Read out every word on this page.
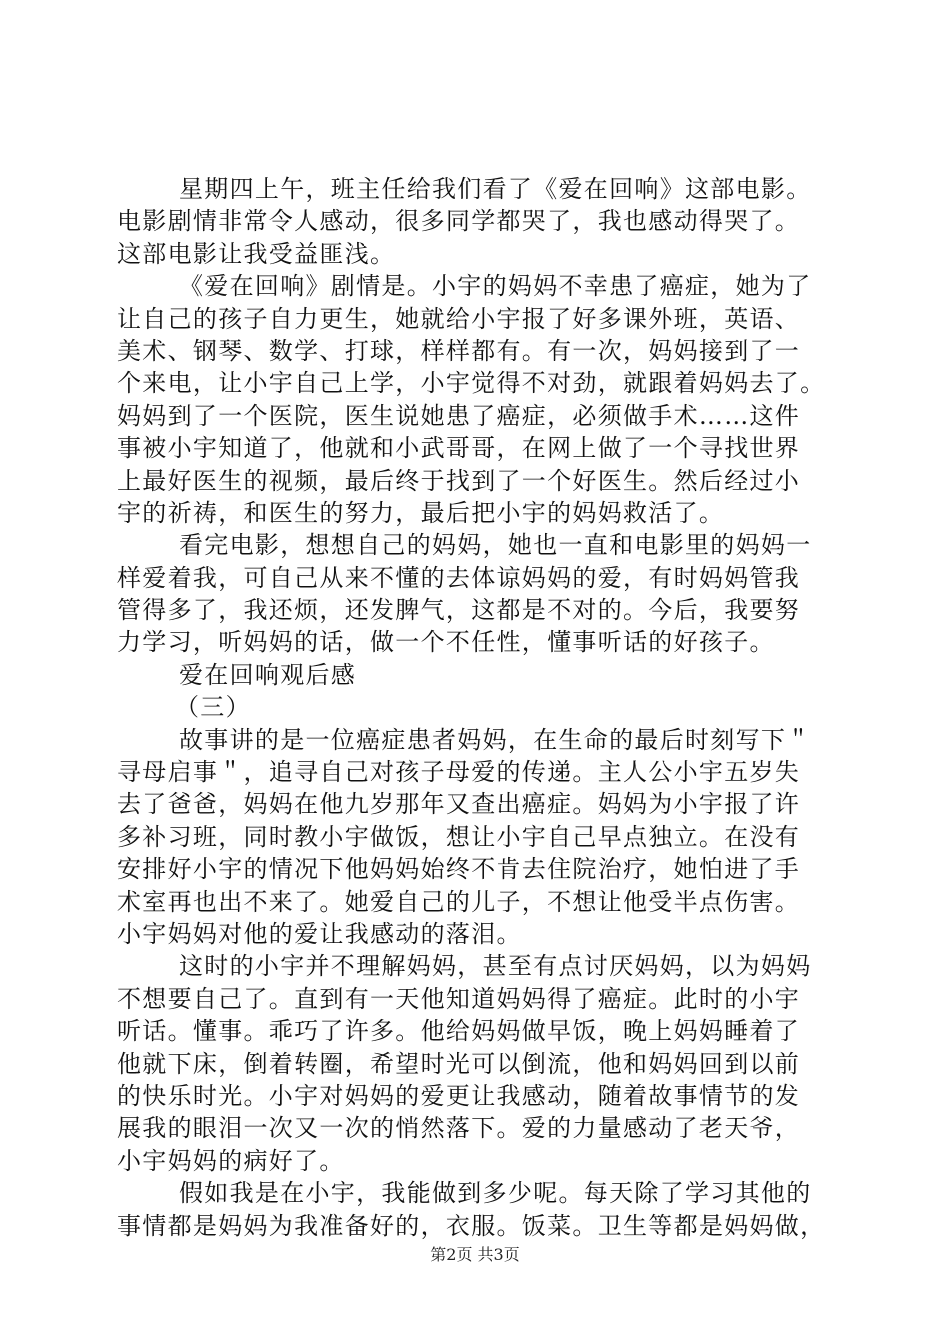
星期四上午，班主任给我们看了《爱在回响》这部电影。
电影剧情非常令人感动，很多同学都哭了，我也感动得哭了。
这部电影让我受益匪浅。
《爱在回响》剧情是。小宇的妈妈不幸患了癌症，她为了
让自己的孩子自力更生，她就给小宇报了好多课外班，英语、
美术、钢琴、数学、打球，样样都有。有一次，妈妈接到了一
个来电，让小宇自己上学，小宇觉得不对劲，就跟着妈妈去了。
妈妈到了一个医院，医生说她患了癌症，必须做手术……这件
事被小宇知道了，他就和小武哥哥，在网上做了一个寻找世界
上最好医生的视频，最后终于找到了一个好医生。然后经过小
宇的祈祷，和医生的努力，最后把小宇的妈妈救活了。
看完电影，想想自己的妈妈，她也一直和电影里的妈妈一
样爱着我，可自己从来不懂的去体谅妈妈的爱，有时妈妈管我
管得多了，我还烦，还发脾气，这都是不对的。今后，我要努
力学习，听妈妈的话，做一个不任性，懂事听话的好孩子。
爱在回响观后感
（三）
故事讲的是一位癌症患者妈妈，在生命的最后时刻写下＂
寻母启事＂，追寻自己对孩子母爱的传递。主人公小宇五岁失
去了爸爸，妈妈在他九岁那年又查出癌症。妈妈为小宇报了许
多补习班，同时教小宇做饭，想让小宇自己早点独立。在没有
安排好小宇的情况下他妈妈始终不肯去住院治疗，她怕进了手
术室再也出不来了。她爱自己的儿子，不想让他受半点伤害。
小宇妈妈对他的爱让我感动的落泪。
这时的小宇并不理解妈妈，甚至有点讨厌妈妈，以为妈妈
不想要自己了。直到有一天他知道妈妈得了癌症。此时的小宇
听话。懂事。乖巧了许多。他给妈妈做早饭，晚上妈妈睡着了
他就下床，倒着转圈，希望时光可以倒流，他和妈妈回到以前
的快乐时光。小宇对妈妈的爱更让我感动，随着故事情节的发
展我的眼泪一次又一次的悄然落下。爱的力量感动了老天爷，
小宇妈妈的病好了。
假如我是在小宇，我能做到多少呢。每天除了学习其他的
事情都是妈妈为我准备好的，衣服。饭菜。卫生等都是妈妈做，
第2页 共3页
